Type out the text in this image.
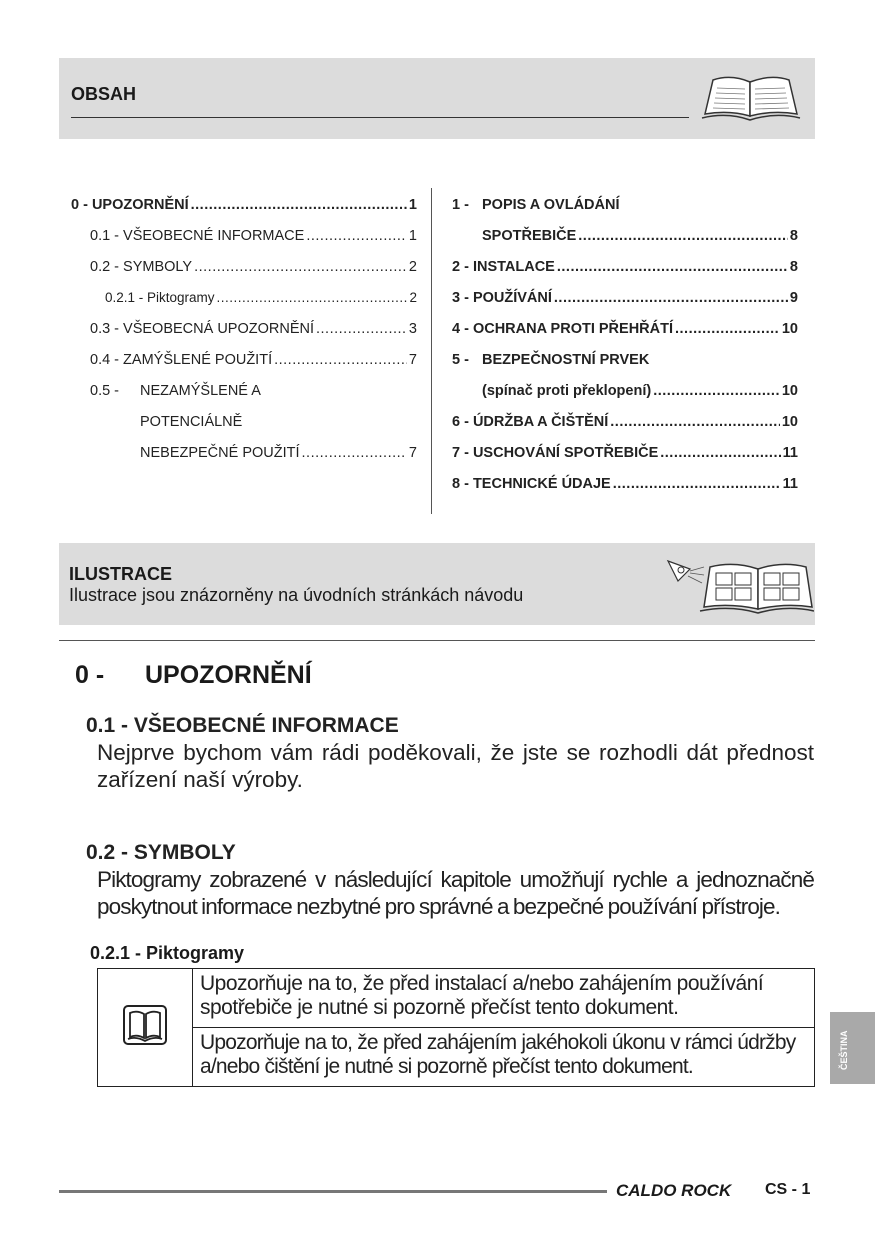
OBSAH
0 - UPOZORNĚNÍ .....	1
0.1 - VŠEOBECNÉ INFORMACE .....	1
0.2 - SYMBOLY .....	2
0.2.1 - Piktogramy .....	2
0.3 - VŠEOBECNÁ UPOZORNĚNÍ .....	3
0.4 - ZAMÝŠLENÉ POUŽITÍ .....	7
0.5 - NEZAMÝŠLENÉ A
POTENCIÁLNĚ
NEBEZPEČNÉ POUŽITÍ .....	7
1 - POPIS A OVLÁDÁNÍ
SPOTŘEBIČE .....	8
2 - INSTALACE .....	8
3 - POUŽÍVÁNÍ .....	9
4 - OCHRANA PROTI PŘEHŘÁTÍ .....	10
5 - BEZPEČNOSTNÍ PRVEK
(spínač proti překlopení) .....	10
6 - ÚDRŽBA A ČIŠTĚNÍ .....	10
7 - USCHOVÁNÍ SPOTŘEBIČE .....	11
8 - TECHNICKÉ ÚDAJE .....	11
ILUSTRACE
Ilustrace jsou znázorněny na úvodních stránkách návodu
0 - UPOZORNĚNÍ
0.1 - VŠEOBECNÉ INFORMACE
Nejprve bychom vám rádi poděkovali, že jste se rozhodli dát přednost zařízení naší výroby.
0.2 - SYMBOLY
Piktogramy zobrazené v následující kapitole umožňují rychle a jednoznačně poskytnout informace nezbytné pro správné a bezpečné používání přístroje.
0.2.1 - Piktogramy
	Upozorňuje na to, že před instalací a/nebo zahájením používání spotřebiče je nutné si pozorně přečíst tento dokument.
Upozorňuje na to, že před zahájením jakéhokoli úkonu v rámci údržby a/nebo čištění je nutné si pozorně přečíst tento dokument.	ČEŠTINA
CALDO ROCK CS - 1
